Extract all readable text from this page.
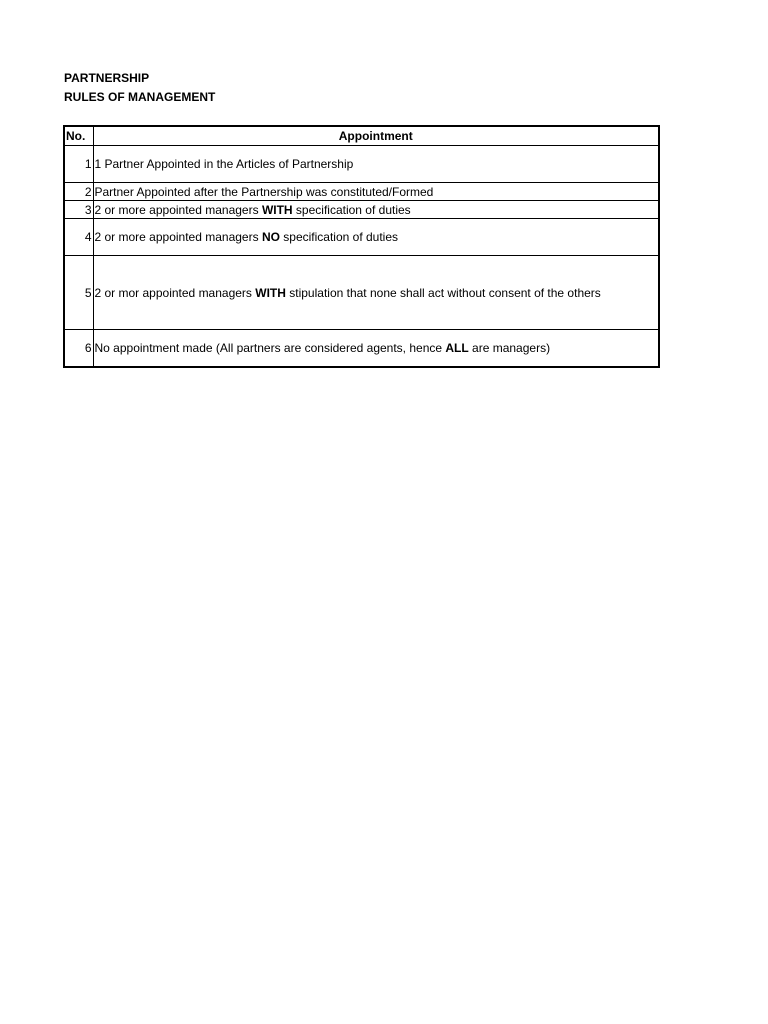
PARTNERSHIP
RULES OF MANAGEMENT
No.	Appointment
1	1 Partner Appointed in the Articles of Partnership
2	Partner Appointed after the Partnership was constituted/Formed
3	2 or more appointed managers WITH specification of duties
4	2 or more appointed managers NO specification of duties
5	2 or mor appointed managers WITH stipulation that none shall act without consent of the others
6	No appointment made (All partners are considered agents, hence ALL are managers)
